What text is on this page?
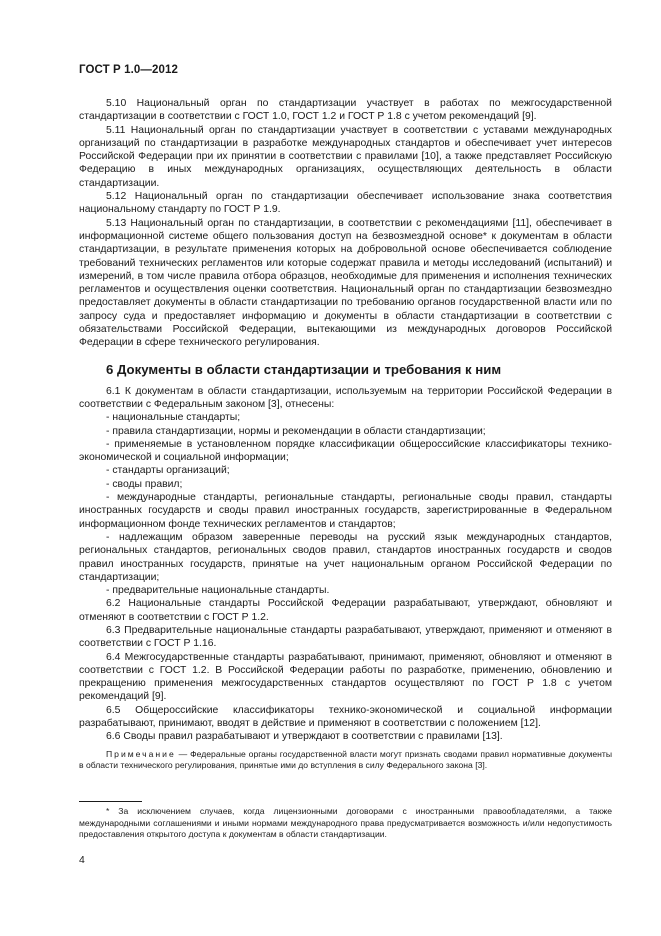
ГОСТ Р 1.0—2012

5.10 Национальный орган по стандартизации участвует в работах по межгосударственной стандартизации в соответствии с ГОСТ 1.0, ГОСТ 1.2 и ГОСТ Р 1.8 с учетом рекомендаций [9].

5.11 Национальный орган по стандартизации участвует в соответствии с уставами международных организаций по стандартизации в разработке международных стандартов и обеспечивает учет интересов Российской Федерации при их принятии в соответствии с правилами [10], а также представляет Российскую Федерацию в иных международных организациях, осуществляющих деятельность в области стандартизации.

5.12 Национальный орган по стандартизации обеспечивает использование знака соответствия национальному стандарту по ГОСТ Р 1.9.

5.13 Национальный орган по стандартизации, в соответствии с рекомендациями [11], обеспечивает в информационной системе общего пользования доступ на безвозмездной основе* к документам в области стандартизации, в результате применения которых на добровольной основе обеспечивается соблюдение требований технических регламентов или которые содержат правила и методы исследований (испытаний) и измерений, в том числе правила отбора образцов, необходимые для применения и исполнения технических регламентов и осуществления оценки соответствия. Национальный орган по стандартизации безвозмездно предоставляет документы в области стандартизации по требованию органов государственной власти или по запросу суда и предоставляет информацию и документы в области стандартизации в соответствии с обязательствами Российской Федерации, вытекающими из международных договоров Российской Федерации в сфере технического регулирования.

6 Документы в области стандартизации и требования к ним

6.1 К документам в области стандартизации, используемым на территории Российской Федерации в соответствии с Федеральным законом [3], отнесены:

- национальные стандарты;

- правила стандартизации, нормы и рекомендации в области стандартизации;

- применяемые в установленном порядке классификации общероссийские классификаторы технико-экономической и социальной информации;

- стандарты организаций;

- своды правил;

- международные стандарты, региональные стандарты, региональные своды правил, стандарты иностранных государств и своды правил иностранных государств, зарегистрированные в Федеральном информационном фонде технических регламентов и стандартов;

- надлежащим образом заверенные переводы на русский язык международных стандартов, региональных стандартов, региональных сводов правил, стандартов иностранных государств и сводов правил иностранных государств, принятые на учет национальным органом Российской Федерации по стандартизации;

- предварительные национальные стандарты.

6.2 Национальные стандарты Российской Федерации разрабатывают, утверждают, обновляют и отменяют в соответствии с ГОСТ Р 1.2.

6.3 Предварительные национальные стандарты разрабатывают, утверждают, применяют и отменяют в соответствии с ГОСТ Р 1.16.

6.4 Межгосударственные стандарты разрабатывают, принимают, применяют, обновляют и отменяют в соответствии с ГОСТ 1.2. В Российской Федерации работы по разработке, применению, обновлению и прекращению применения межгосударственных стандартов осуществляют по ГОСТ Р 1.8 с учетом рекомендаций [9].

6.5 Общероссийские классификаторы технико-экономической и социальной информации разрабатывают, принимают, вводят в действие и применяют в соответствии с положением [12].

6.6 Своды правил разрабатывают и утверждают в соответствии с правилами [13].

Примечание — Федеральные органы государственной власти могут признать сводами правил нормативные документы в области технического регулирования, принятые ими до вступления в силу Федерального закона [3].

* За исключением случаев, когда лицензионными договорами с иностранными правообладателями, а также международными соглашениями и иными нормами международного права предусматривается возможность и/или недопустимость предоставления открытого доступа к документам в области стандартизации.
4
